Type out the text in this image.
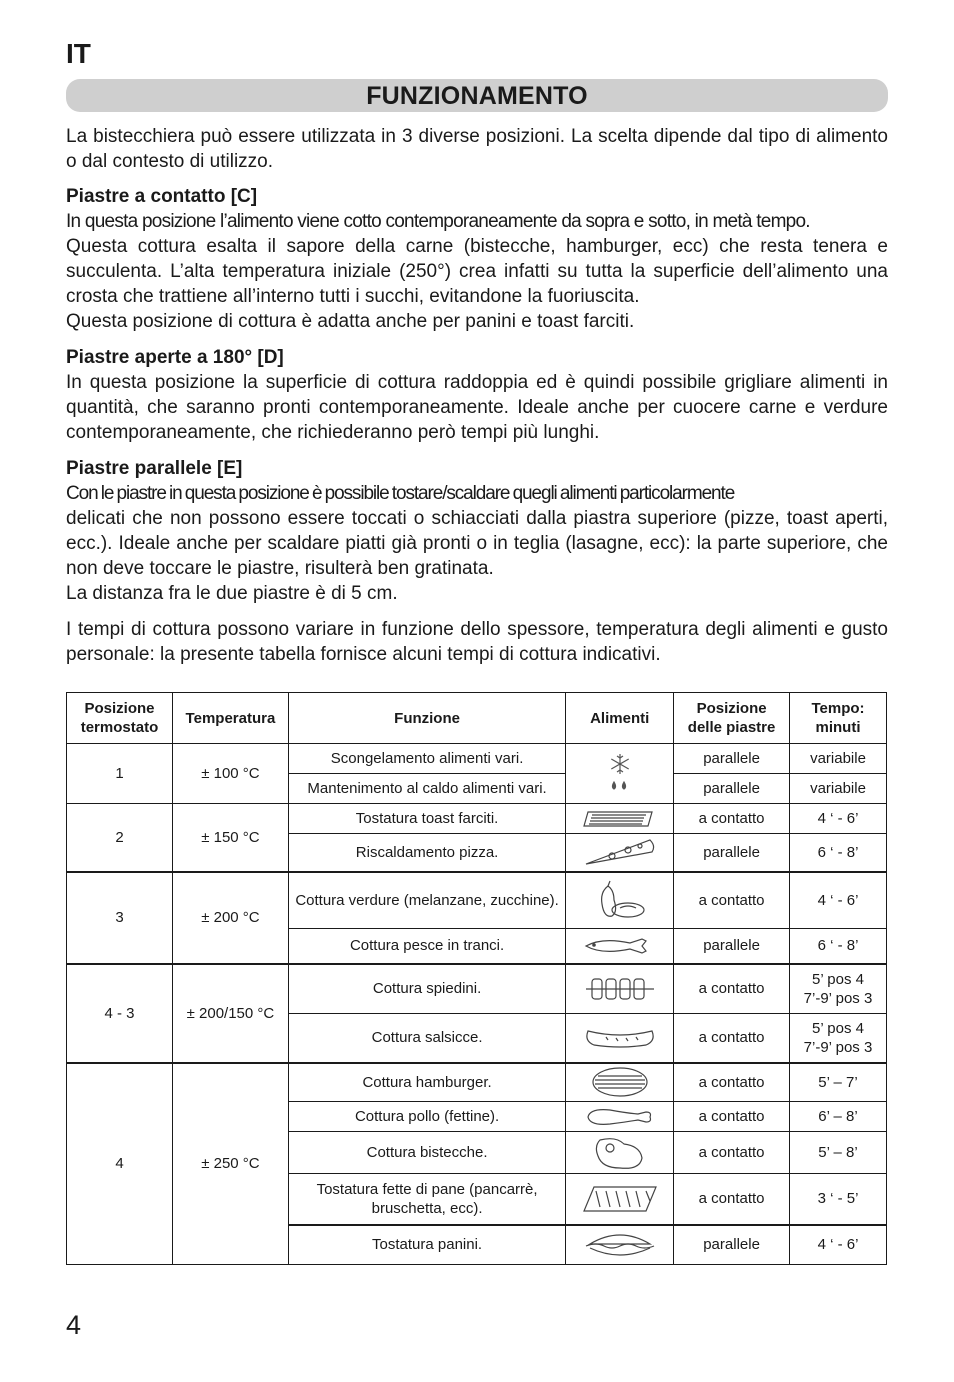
IT
FUNZIONAMENTO

La bistecchiera può essere utilizzata in 3 diverse posizioni. La scelta dipende dal tipo di alimento o dal contesto di utilizzo.

Piastre a contatto [C]

In questa posizione l’alimento viene cotto contemporaneamente da sopra e sotto, in metà tempo.

Questa cottura esalta il sapore della carne (bistecche, hamburger, ecc) che resta tenera e succulenta. L’alta temperatura iniziale (250°) crea infatti su tutta la superficie dell’alimento una crosta che trattiene all’interno tutti i succhi, evitandone la fuoriuscita.

Questa posizione di cottura è adatta anche per panini e toast farciti.

Piastre aperte a 180° [D]

In questa posizione la superficie di cottura raddoppia ed è quindi possibile grigliare alimenti in quantità, che saranno pronti contemporaneamente. Ideale anche per cuocere carne e verdure contemporaneamente, che richiederanno però tempi più lunghi.

Piastre parallele [E]

Con le piastre in questa posizione è possibile tostare/scaldare quegli alimenti particolarmente

delicati che non possono essere toccati o schiacciati dalla piastra superiore (pizze, toast aperti, ecc.). Ideale anche per scaldare piatti già pronti o in teglia (lasagne, ecc): la parte superiore, che non deve toccare le piastre, risulterà ben gratinata.

La distanza fra le due piastre è di 5 cm.

I tempi di cottura possono variare in funzione dello spessore, temperatura degli alimenti e gusto personale: la presente tabella fornisce alcuni tempi di cottura indicativi.

Posizione termostato	Temperatura	Funzione	Alimenti	Posizione delle piastre	Tempo: minuti
1	± 100 °C	Scongelamento alimenti vari.		parallele	variabile
		Mantenimento al caldo alimenti vari.		parallele	variabile
2	± 150 °C	Tostatura toast farciti.		a contatto	4 ‘ - 6’
		Riscaldamento pizza.		parallele	6 ‘ - 8’
3	± 200 °C	Cottura verdure (melanzane, zucchine).		a contatto	4 ‘ - 6’
		Cottura pesce in tranci.		parallele	6 ‘ - 8’
4 - 3	± 200/150 °C	Cottura spiedini.		a contatto	5’ pos 4
7’-9’ pos 3

		Cottura salsicce.		a contatto	5’ pos 4
7’-9’ pos 3

4	± 250 °C	Cottura hamburger.		a contatto	5’ – 7’
		Cottura pollo (fettine).		a contatto	6’ – 8’
		Cottura bistecche.		a contatto	5’ – 8’
		Tostatura fette di pane (pancarrè, bruschetta, ecc).		a contatto	3 ‘ - 5’
		Tostatura panini.		parallele	4 ‘ - 6’
4
